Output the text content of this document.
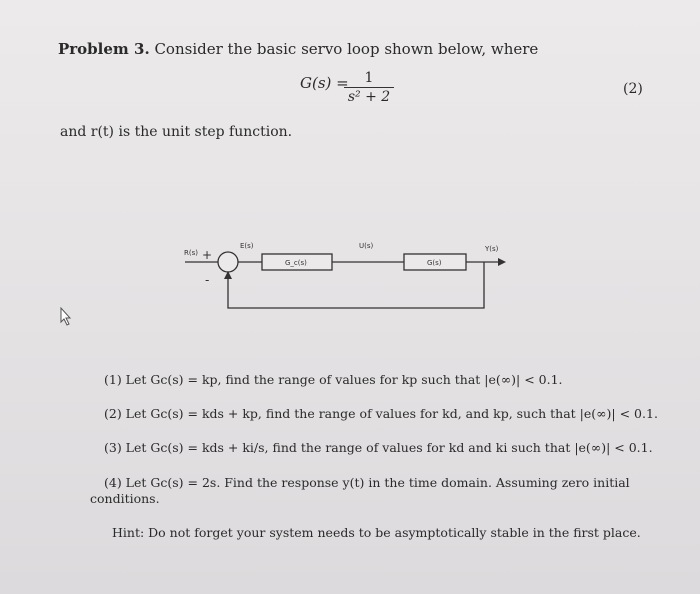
Problem 3. Consider the basic servo loop shown below, where
G(s) =	1
s² + 2	(2)
and r(t) is the unit step function.
R(s) +
-
E(s)
G_c(s)
U(s)
G(s)
Y(s)
(1) Let Gc(s) = kp, find the range of values for kp such that |e(∞)| < 0.1.
(2) Let Gc(s) = kds + kp, find the range of values for kd, and kp, such that |e(∞)| < 0.1.
(3) Let Gc(s) = kds + ki/s, find the range of values for kd and ki such that |e(∞)| < 0.1.
(4) Let Gc(s) = 2s. Find the response y(t) in the time domain. Assuming zero initial
conditions.
Hint: Do not forget your system needs to be asymptotically stable in the first place.
